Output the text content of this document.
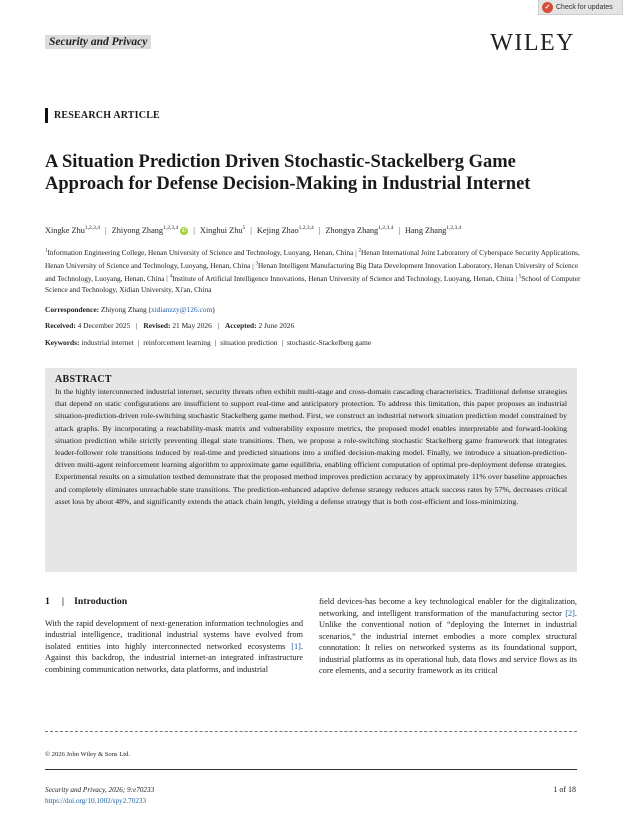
✓ Check for updates
Security and Privacy	WILEY
RESEARCH ARTICLE
A Situation Prediction Driven Stochastic-Stackelberg Game Approach for Defense Decision-Making in Industrial Internet
Xingke Zhu$^{1,2,3,4}$ | Zhiyong Zhang$^{1,2,3,4}$ iD | Xinghui Zhu$^5$ | Kejing Zhao$^{1,2,3,4}$ | Zhongya Zhang$^{1,2,3,4}$ | Hang Zhang$^{1,2,3,4}$
$^1$Information Engineering College, Henan University of Science and Technology, Luoyang, Henan, China | $^2$Henan International Joint Laboratory of Cyberspace Security Applications, Henan University of Science and Technology, Luoyang, Henan, China | $^3$Henan Intelligent Manufacturing Big Data Development Innovation Laboratory, Henan University of Science and Technology, Luoyang, Henan, China | $^4$Institute of Artificial Intelligence Innovations, Henan University of Science and Technology, Luoyang, Henan, China | $^5$School of Computer Science and Technology, Xidian University, Xi'an, China
Correspondence: Zhiyong Zhang (xidianzzy@126.com)
Received: 4 December 2025 | Revised: 21 May 2026 | Accepted: 2 June 2026
Keywords: industrial internet | reinforcement learning | situation prediction | stochastic-Stackelberg game
ABSTRACT
In the highly interconnected industrial internet, security threats often exhibit multi-stage and cross-domain cascading characteristics. Traditional defense strategies that depend on static configurations are insufficient to support real-time and anticipatory protection. To address this limitation, this paper proposes an industrial situation-prediction-driven role-switching stochastic Stackelberg game method. First, we construct an industrial network situation prediction model constrained by attack graphs. By incorporating a reachability-mask matrix and vulnerability exposure metrics, the proposed model enables interpretable and forward-looking situation prediction while strictly preventing illegal state transitions. Then, we propose a role-switching stochastic Stackelberg game framework that integrates leader-follower role transitions induced by real-time and predicted situations into a unified decision-making model. Finally, we introduce a situation-prediction-driven multi-agent reinforcement learning algorithm to approximate game equilibria, enabling efficient computation of optimal pre-deployment defense strategies. Experimental results on a simulation testbed demonstrate that the proposed method improves prediction accuracy by approximately 11% over baseline approaches and completely eliminates unreachable state transitions. The prediction-enhanced adaptive defense strategy reduces attack success rates by 57%, decreases critical asset loss by about 48%, and significantly extends the attack chain length, yielding a defense strategy that is both cost-efficient and loss-minimizing.
1 | Introduction

With the rapid development of next-generation information technologies and industrial intelligence, traditional industrial systems have evolved from isolated entities into highly interconnected networked ecosystems [1]. Against this backdrop, the industrial internet-an integrated infrastructure combining communication networks, data platforms, and industrial

field devices-has become a key technological enabler for the digitalization, networking, and intelligent transformation of the manufacturing sector [2]. Unlike the conventional notion of “deploying the Internet in industrial scenarios,” the industrial internet embodies a more complex structural connotation: It relies on networked systems as its foundational support, industrial platforms as its operational hub, data flows and service flows as its core elements, and a security framework as its critical

© 2026 John Wiley & Sons Ltd.
Security and Privacy, 2026; 9:e70233
https://doi.org/10.1002/spy2.70233
1 of 18
